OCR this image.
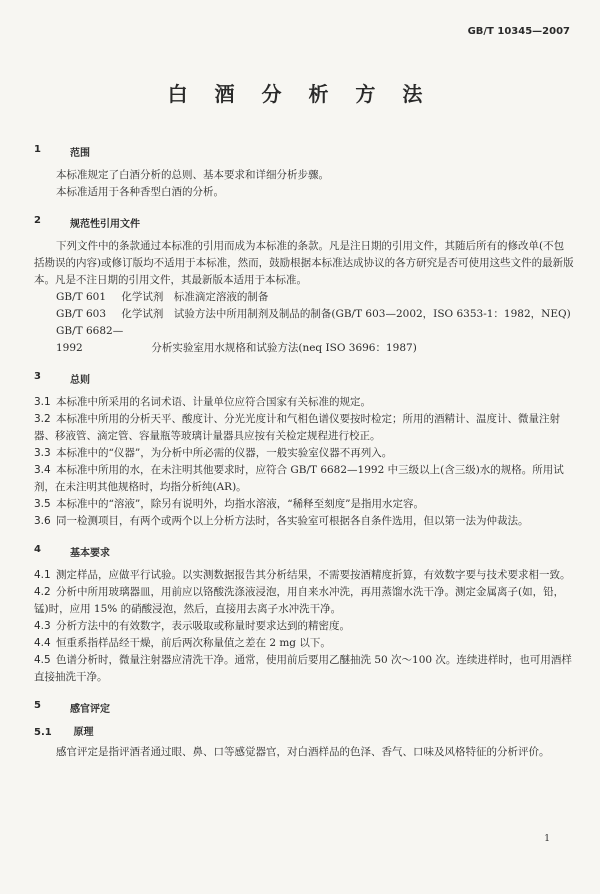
GB/T 10345—2007
白 酒 分 析 方 法
1	范围
本标准规定了白酒分析的总则、基本要求和详细分析步骤。
本标准适用于各种香型白酒的分析。
2	规范性引用文件
下列文件中的条款通过本标准的引用而成为本标准的条款。凡是注日期的引用文件，其随后所有的修改单(不包括勘误的内容)或修订版均不适用于本标准，然而，鼓励根据本标准达成协议的各方研究是否可使用这些文件的最新版本。凡是不注日期的引用文件，其最新版本适用于本标准。
GB/T 601 化学试剂　标准滴定溶液的制备
GB/T 603 化学试剂　试验方法中所用制剂及制品的制备(GB/T 603—2002，ISO 6353-1：1982，NEQ)
GB/T 6682—1992	分析实验室用水规格和试验方法(neq ISO 3696：1987)
3	总则
3.1 本标准中所采用的名词术语、计量单位应符合国家有关标准的规定。
3.2 本标准中所用的分析天平、酸度计、分光光度计和气相色谱仪要按时检定；所用的酒精计、温度计、微量注射器、移液管、滴定管、容量瓶等玻璃计量器具应按有关检定规程进行校正。
3.3 本标准中的“仪器”，为分析中所必需的仪器，一般实验室仪器不再列入。
3.4 本标准中所用的水，在未注明其他要求时，应符合 GB/T 6682—1992 中三级以上(含三级)水的规格。所用试剂，在未注明其他规格时，均指分析纯(AR)。
3.5 本标准中的“溶液”，除另有说明外，均指水溶液，“稀释至刻度”是指用水定容。
3.6 同一检测项目，有两个或两个以上分析方法时，各实验室可根据各自条件选用，但以第一法为仲裁法。
4	基本要求
4.1 测定样品，应做平行试验。以实测数据报告其分析结果，不需要按酒精度折算，有效数字要与技术要求相一致。
4.2 分析中所用玻璃器皿，用前应以铬酸洗涤液浸泡，用自来水冲洗，再用蒸馏水洗干净。测定金属离子(如，铅，锰)时，应用 15% 的硝酸浸泡，然后，直接用去离子水冲洗干净。
4.3 分析方法中的有效数字，表示吸取或称量时要求达到的精密度。
4.4 恒重系指样品经干燥，前后两次称量值之差在 2 mg 以下。
4.5 色谱分析时，微量注射器应清洗干净。通常，使用前后要用乙醚抽洗 50 次～100 次。连续进样时，也可用酒样直接抽洗干净。
5	感官评定
5.1 原理
感官评定是指评酒者通过眼、鼻、口等感觉器官，对白酒样品的色泽、香气、口味及风格特征的分析评价。
1
